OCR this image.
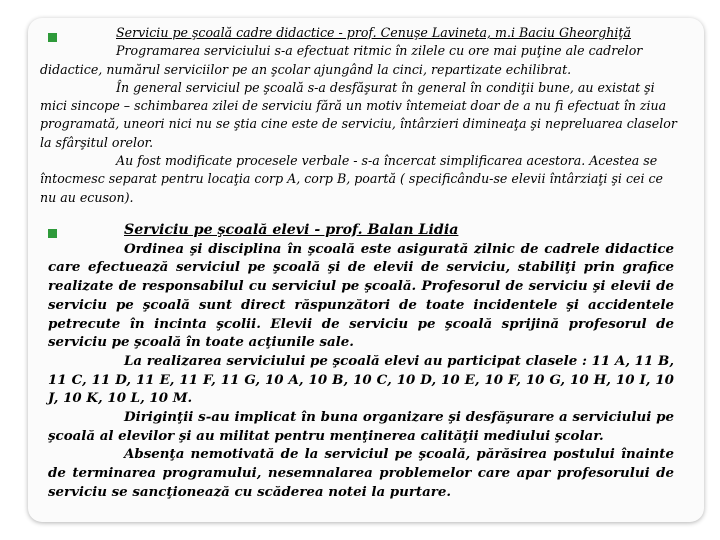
Serviciu pe şcoală cadre didactice - prof. Cenuşe Lavineta, m.i Baciu Gheorghiţă

Programarea serviciului s-a efectuat ritmic în zilele cu ore mai puţine ale cadrelor didactice, numărul serviciilor pe an şcolar ajungând la cinci, repartizate echilibrat.

În general serviciul pe şcoală s-a desfăşurat în general în condiţii bune, au existat şi mici sincope – schimbarea zilei de serviciu fără un motiv întemeiat doar de a nu fi efectuat în ziua programată, uneori nici nu se ştia cine este de serviciu, întârzieri dimineaţa şi nepreluarea claselor la sfârşitul orelor.

Au fost modificate procesele verbale - s-a încercat simplificarea acestora. Acestea se întocmesc separat pentru locaţia corp A, corp B, poartă ( specificându-se elevii întârziaţi şi cei ce nu au ecuson).

Serviciu pe şcoală elevi - prof. Balan Lidia

Ordinea şi disciplina în şcoală este asigurată zilnic de cadrele didactice care efectuează serviciul pe şcoală şi de elevii de serviciu, stabiliţi prin grafice realizate de responsabilul cu serviciul pe şcoală. Profesorul de serviciu şi elevii de serviciu pe şcoală sunt direct răspunzători de toate incidentele şi accidentele petrecute în incinta şcolii. Elevii de serviciu pe şcoală sprijină profesorul de serviciu pe şcoală în toate acţiunile sale.

La realizarea serviciului pe şcoală elevi au participat clasele : 11 A, 11 B, 11 C, 11 D, 11 E, 11 F, 11 G, 10 A, 10 B, 10 C, 10 D, 10 E, 10 F, 10 G, 10 H, 10 I, 10 J, 10 K, 10 L, 10 M.

Diriginţii s-au implicat în buna organizare şi desfăşurare a serviciului pe şcoală al elevilor şi au militat pentru menţinerea calităţii mediului şcolar.

Absenţa nemotivată de la serviciul pe şcoală, părăsirea postului înainte de terminarea programului, nesemnalarea problemelor care apar profesorului de serviciu se sancţionează cu scăderea notei la purtare.
